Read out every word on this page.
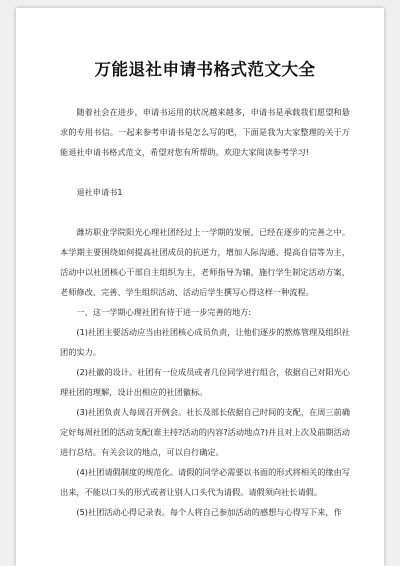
万能退社申请书格式范文大全

随着社会在进步，申请书运用的状况越来越多，申请书是承载我们愿望和悬求的专用书信。一起来参考申请书是怎么写的吧，下面是我为大家整理的关于万能退社申请书格式范文，希望对您有所帮助。欢迎大家阅读参考学习!

退社申请书1

潍坊职业学院阳光心理社团经过上一学期的发展，已经在逐步的完善之中。本学期主要围绕如何提高社团成员的抗逆力，增加人际沟通、提高自信等为主，活动中以社团核心干部自主组织为主，老师指导为辅，施行学生制定活动方案、老师修改、完善、学生组织活动、活动后学生撰写心得这样一种流程。

一、这一学期心理社团有待于进一步完善的地方:

(1)社团主要活动应当由社团核心成员负责，让他们逐步的熬炼管理及组织社团的实力。

(2)社徽的设计。社团有一位成员或者几位同学进行组合，依据自己对阳光心理社团的理解，设计出相应的社团徽标。

(3)社团负责人每周召开例会。社长及部长依据自己时间的支配，在周三前确定好每周社团的活动支配(谁主持?活动的内容?活动地点?)并且对上次及前期活动进行总结。有关会议的地点，可以自行确定。

(4)社团请假制度的规范化。请假的同学必需要以书面的形式将相关的缘由写出来，不能以口头的形式或者让别人口头代为请假。请假须向社长请假。

(5)社团活动心得记录表。每个人将自己参加活动的感想与心得写下来，作
